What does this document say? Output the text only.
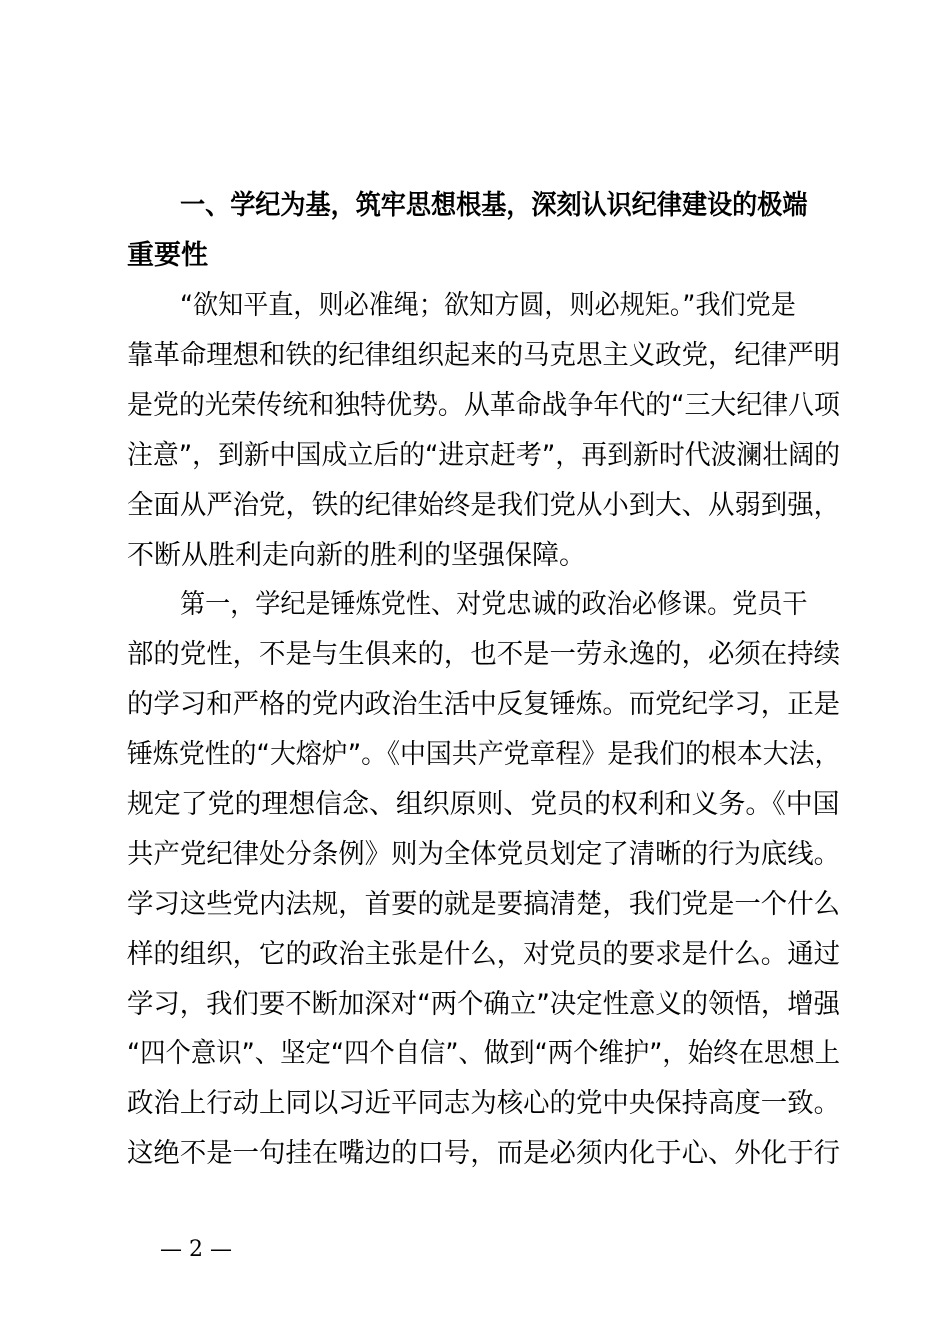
一、学纪为基，筑牢思想根基，深刻认识纪律建设的极端
重要性
“欲知平直，则必准绳；欲知方圆，则必规矩。”我们党是
靠革命理想和铁的纪律组织起来的马克思主义政党，纪律严明
是党的光荣传统和独特优势。从革命战争年代的“三大纪律八项
注意”，到新中国成立后的“进京赶考”，再到新时代波澜壮阔的
全面从严治党，铁的纪律始终是我们党从小到大、从弱到强，
不断从胜利走向新的胜利的坚强保障。
第一，学纪是锤炼党性、对党忠诚的政治必修课。党员干
部的党性，不是与生俱来的，也不是一劳永逸的，必须在持续
的学习和严格的党内政治生活中反复锤炼。而党纪学习，正是
锤炼党性的“大熔炉”。《中国共产党章程》是我们的根本大法，
规定了党的理想信念、组织原则、党员的权利和义务。《中国
共产党纪律处分条例》则为全体党员划定了清晰的行为底线。
学习这些党内法规，首要的就是要搞清楚，我们党是一个什么
样的组织，它的政治主张是什么，对党员的要求是什么。通过
学习，我们要不断加深对“两个确立”决定性意义的领悟，增强
“四个意识”、坚定“四个自信”、做到“两个维护”，始终在思想上
政治上行动上同以习近平同志为核心的党中央保持高度一致。
这绝不是一句挂在嘴边的口号，而是必须内化于心、外化于行
— 2 —
